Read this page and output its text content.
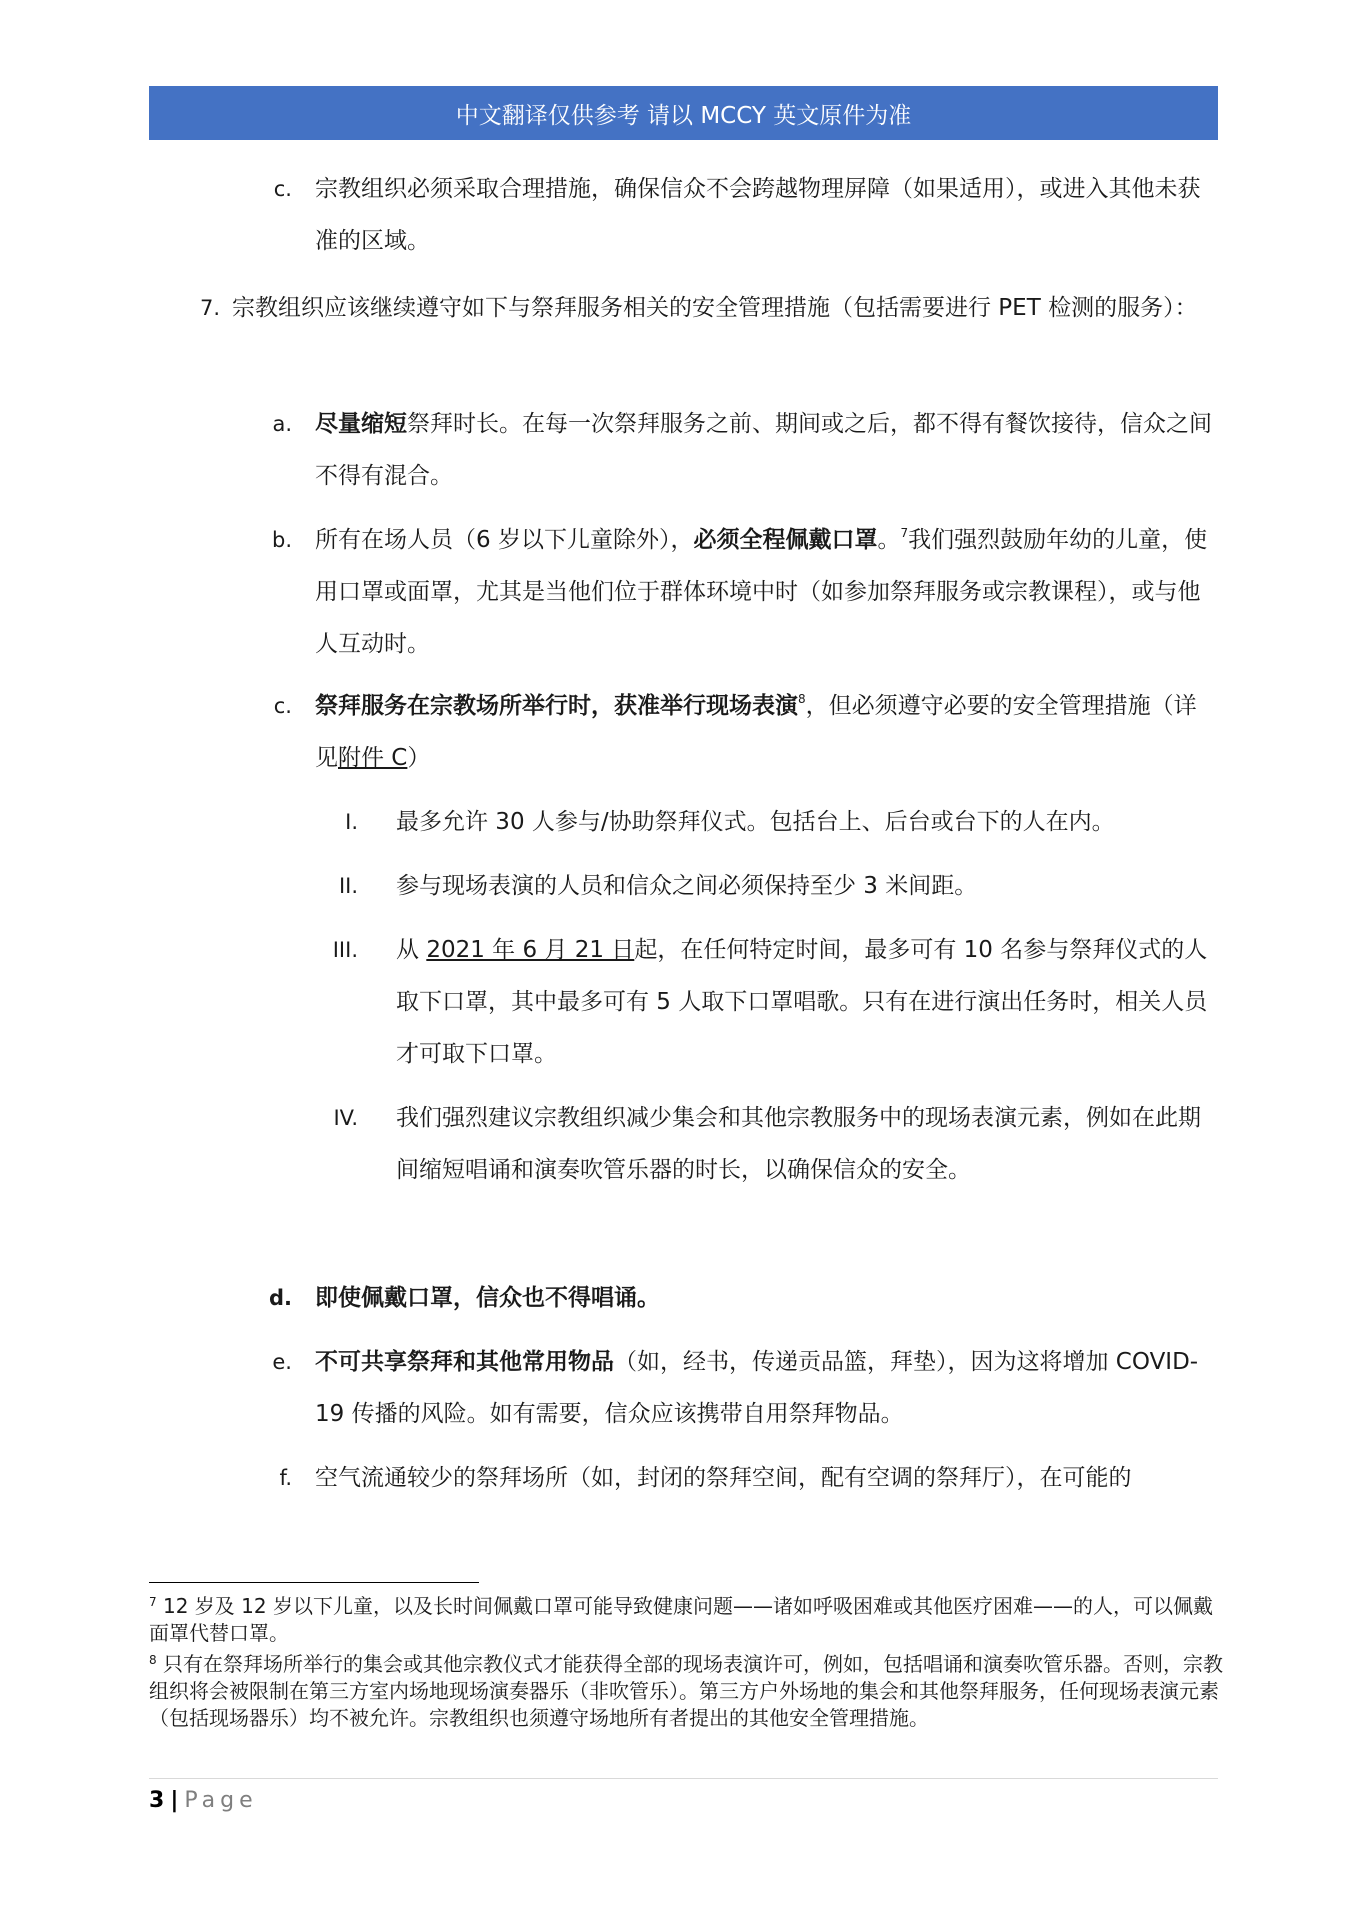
中文翻译仅供参考 请以 MCCY 英文原件为准
c. 宗教组织必须采取合理措施，确保信众不会跨越物理屏障（如果适用），或进入其他未获准的区域。
7. 宗教组织应该继续遵守如下与祭拜服务相关的安全管理措施（包括需要进行 PET 检测的服务）：
a. 尽量缩短祭拜时长。在每一次祭拜服务之前、期间或之后，都不得有餐饮接待，信众之间不得有混合。
b. 所有在场人员（6 岁以下儿童除外），必须全程佩戴口罩。$^7$我们强烈鼓励年幼的儿童，使用口罩或面罩，尤其是当他们位于群体环境中时（如参加祭拜服务或宗教课程），或与他人互动时。
c. 祭拜服务在宗教场所举行时，获准举行现场表演$^8$，但必须遵守必要的安全管理措施（详见附件 C）
I. 最多允许 30 人参与/协助祭拜仪式。包括台上、后台或台下的人在内。
II. 参与现场表演的人员和信众之间必须保持至少 3 米间距。
III. 从 2021 年 6 月 21 日起，在任何特定时间，最多可有 10 名参与祭拜仪式的人取下口罩，其中最多可有 5 人取下口罩唱歌。只有在进行演出任务时，相关人员才可取下口罩。
IV. 我们强烈建议宗教组织减少集会和其他宗教服务中的现场表演元素，例如在此期间缩短唱诵和演奏吹管乐器的时长，以确保信众的安全。
d. 即使佩戴口罩，信众也不得唱诵。
e. 不可共享祭拜和其他常用物品（如，经书，传递贡品篮，拜垫），因为这将增加 COVID-19 传播的风险。如有需要，信众应该携带自用祭拜物品。
f. 空气流通较少的祭拜场所（如，封闭的祭拜空间，配有空调的祭拜厅），在可能的
$^7$ 12 岁及 12 岁以下儿童，以及长时间佩戴口罩可能导致健康问题——诸如呼吸困难或其他医疗困难——的人，可以佩戴面罩代替口罩。
$^8$ 只有在祭拜场所举行的集会或其他宗教仪式才能获得全部的现场表演许可，例如，包括唱诵和演奏吹管乐器。否则，宗教组织将会被限制在第三方室内场地现场演奏器乐（非吹管乐）。第三方户外场地的集会和其他祭拜服务，任何现场表演元素（包括现场器乐）均不被允许。宗教组织也须遵守场地所有者提出的其他安全管理措施。
3 | Page
